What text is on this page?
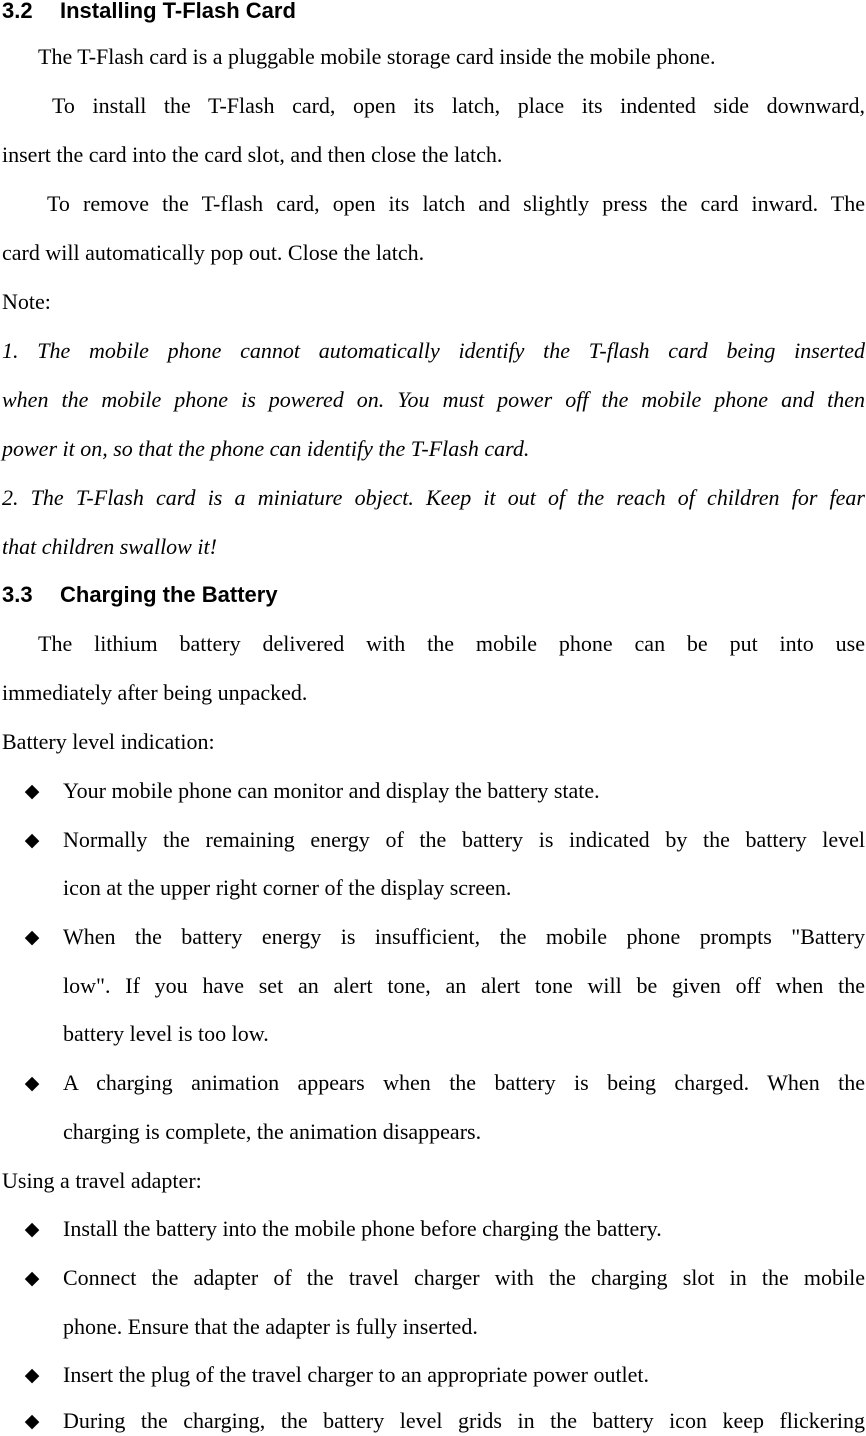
3.2 Installing T-Flash Card
The T-Flash card is a pluggable mobile storage card inside the mobile phone.
To install the T-Flash card, open its latch, place its indented side downward,
insert the card into the card slot, and then close the latch.
To remove the T-flash card, open its latch and slightly press the card inward. The
card will automatically pop out. Close the latch.
Note:
1. The mobile phone cannot automatically identify the T-flash card being inserted
when the mobile phone is powered on. You must power off the mobile phone and then
power it on, so that the phone can identify the T-Flash card.
2. The T-Flash card is a miniature object. Keep it out of the reach of children for fear
that children swallow it!
3.3 Charging the Battery
The lithium battery delivered with the mobile phone can be put into use
immediately after being unpacked.
Battery level indication:
◆ Your mobile phone can monitor and display the battery state.
◆ Normally the remaining energy of the battery is indicated by the battery level
icon at the upper right corner of the display screen.
◆ When the battery energy is insufficient, the mobile phone prompts "Battery
low". If you have set an alert tone, an alert tone will be given off when the
battery level is too low.
◆ A charging animation appears when the battery is being charged. When the
charging is complete, the animation disappears.
Using a travel adapter:
◆ Install the battery into the mobile phone before charging the battery.
◆ Connect the adapter of the travel charger with the charging slot in the mobile
phone. Ensure that the adapter is fully inserted.
◆ Insert the plug of the travel charger to an appropriate power outlet.
◆ During the charging, the battery level grids in the battery icon keep flickering
